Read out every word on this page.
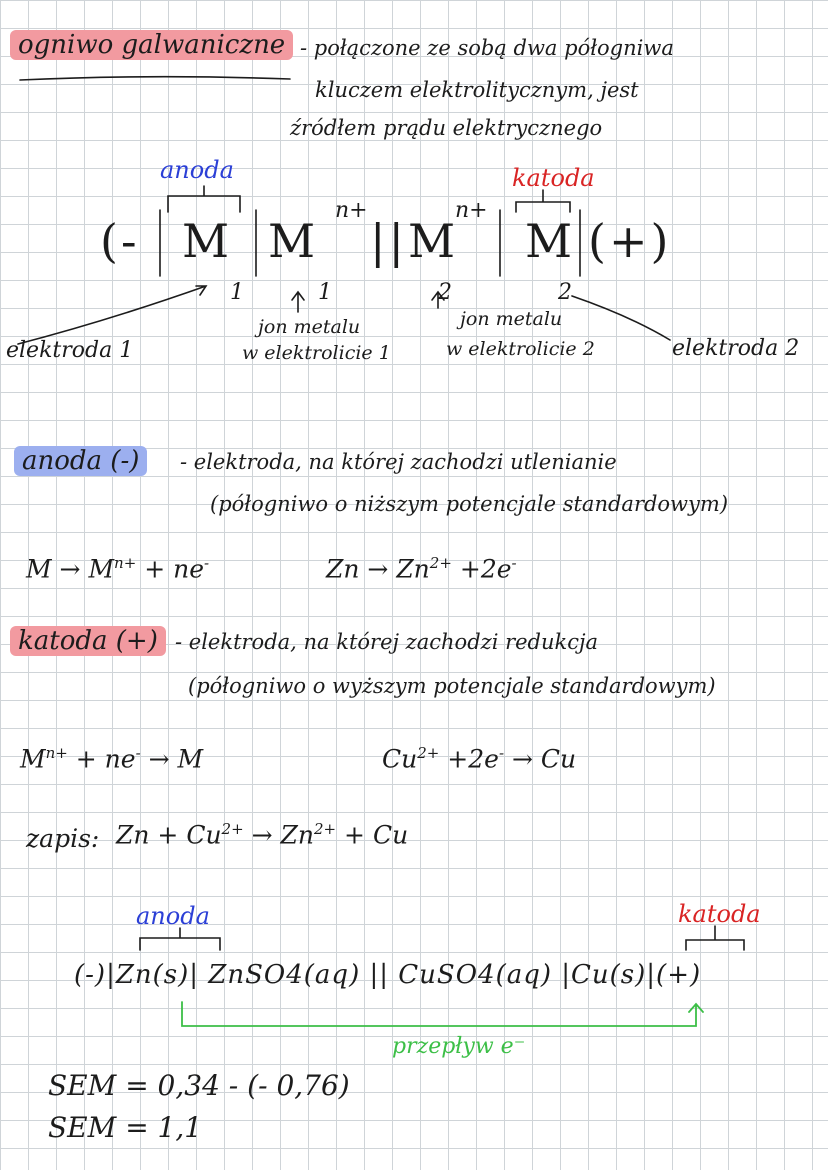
ogniwo galwaniczne - połączone ze sobą dwa półogniwa
kluczem elektrolitycznym, jest
źródłem prądu elektrycznego
anoda	katoda
(- M
1
M
1
n+
|| M
2
n+
M
2
(+)
elektroda 1
jon metalu
w elektrolicie 1
jon metalu
w elektrolicie 2	elektroda 2
anoda (-)	- elektroda, na której zachodzi utlenianie
(półogniwo o niższym potencjale standardowym)
$M \to M^{n+} + ne^-$	$Zn \to Zn^{2+} +2e^-$
katoda (+) - elektroda, na której zachodzi redukcja
(półogniwo o wyższym potencjale standardowym)
$M^{n+} + ne^- \to M$	$Cu^{2+} +2e^- \to Cu$
zapis: $Zn + Cu^{2+} \to Zn^{2+} + Cu$
anoda	katoda
(-)|Zn(s)| ZnSO4(aq) || CuSO4(aq) |Cu(s)|(+)
przepływ e⁻
SEM = 0,34 - (- 0,76)
SEM = 1,1
